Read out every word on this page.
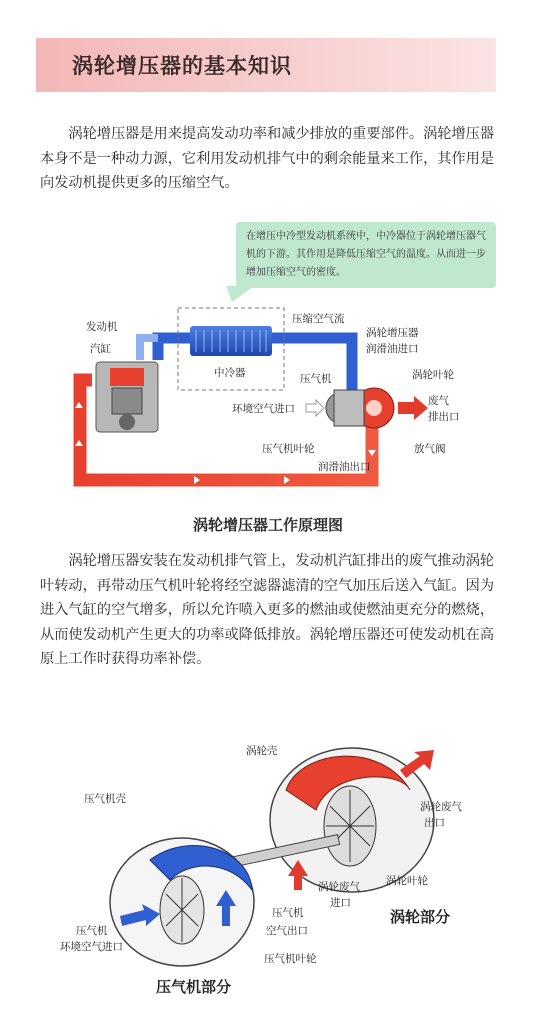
涡轮增压器的基本知识

涡轮增压器是用来提高发动功率和减少排放的重要部件。涡轮增压器本身不是一种动力源，它利用发动机排气中的剩余能量来工作，其作用是向发动机提供更多的压缩空气。

在增压中冷型发动机系统中，中冷器位于涡轮增压器气机的下游。其作用是降低压缩空气的温度。从而进一步增加压缩空气的密度。

发动机
汽缸
中冷器
压缩空气流
涡轮增压器
润滑油进口
涡轮叶轮
压气机
环境空气进口
废气
排出口
压气机叶轮	放气阀
润滑油出口
涡轮增压器工作原理图

涡轮增压器安装在发动机排气管上，发动机汽缸排出的废气推动涡轮叶转动，再带动压气机叶轮将经空滤器滤清的空气加压后送入气缸。因为进入气缸的空气增多，所以允许喷入更多的燃油或使燃油更充分的燃烧，从而使发动机产生更大的功率或降低排放。涡轮增压器还可使发动机在高原上工作时获得功率补偿。

涡轮壳
压气机壳
涡轮废气
出口
涡轮叶轮
涡轮废气
进口
涡轮部分
压气机
环境空气进口
压气机
空气出口
压气机叶轮
压气机部分
